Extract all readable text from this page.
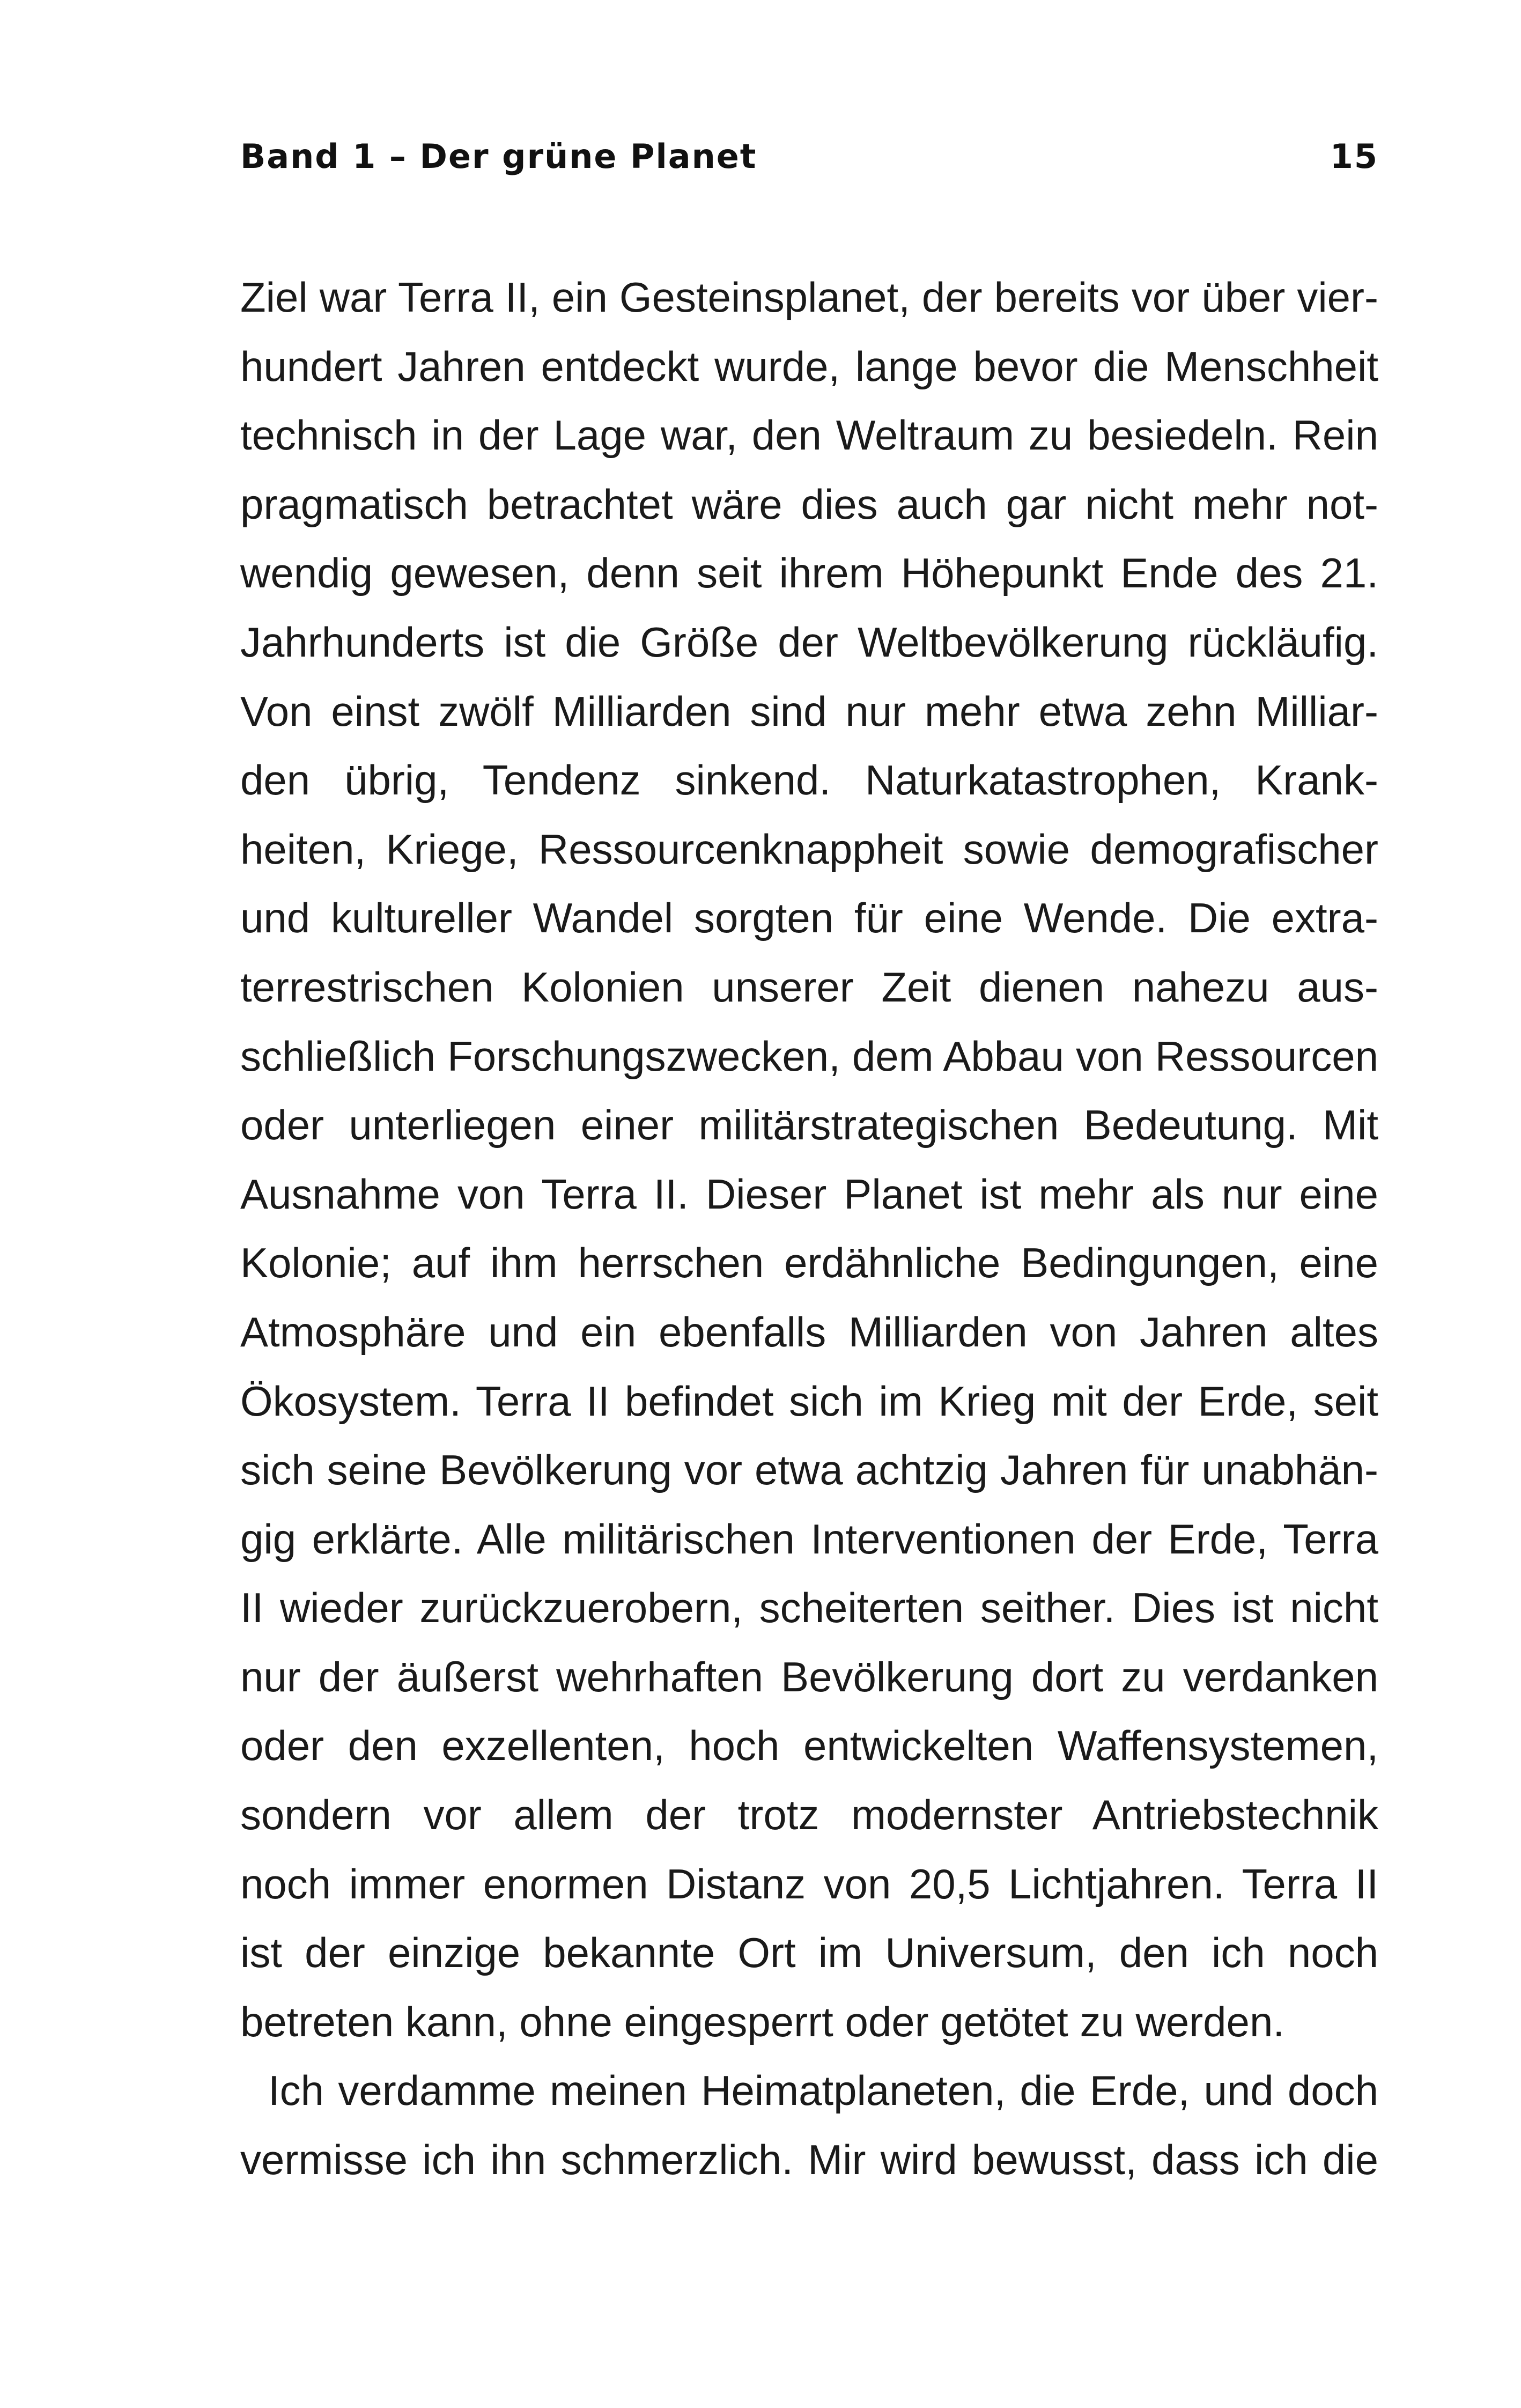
Band 1 – Der grüne Planet	15
Ziel war Terra II, ein Gesteinsplanet, der bereits vor über vier-
hundert Jahren entdeckt wurde, lange bevor die Menschheit
technisch in der Lage war, den Weltraum zu besiedeln. Rein
pragmatisch betrachtet wäre dies auch gar nicht mehr not-
wendig gewesen, denn seit ihrem Höhepunkt Ende des 21.
Jahrhunderts ist die Größe der Weltbevölkerung rückläufig.
Von einst zwölf Milliarden sind nur mehr etwa zehn Milliar-
den übrig, Tendenz sinkend. Naturkatastrophen, Krank-
heiten, Kriege, Ressourcenknappheit sowie demografischer
und kultureller Wandel sorgten für eine Wende. Die extra-
terrestrischen Kolonien unserer Zeit dienen nahezu aus-
schließlich Forschungszwecken, dem Abbau von Ressourcen
oder unterliegen einer militärstrategischen Bedeutung. Mit
Ausnahme von Terra II. Dieser Planet ist mehr als nur eine
Kolonie; auf ihm herrschen erdähnliche Bedingungen, eine
Atmosphäre und ein ebenfalls Milliarden von Jahren altes
Ökosystem. Terra II befindet sich im Krieg mit der Erde, seit
sich seine Bevölkerung vor etwa achtzig Jahren für unabhän-
gig erklärte. Alle militärischen Interventionen der Erde, Terra
II wieder zurückzuerobern, scheiterten seither. Dies ist nicht
nur der äußerst wehrhaften Bevölkerung dort zu verdanken
oder den exzellenten, hoch entwickelten Waffensystemen,
sondern vor allem der trotz modernster Antriebstechnik
noch immer enormen Distanz von 20,5 Lichtjahren. Terra II
ist der einzige bekannte Ort im Universum, den ich noch
betreten kann, ohne eingesperrt oder getötet zu werden.
Ich verdamme meinen Heimatplaneten, die Erde, und doch
vermisse ich ihn schmerzlich. Mir wird bewusst, dass ich die
